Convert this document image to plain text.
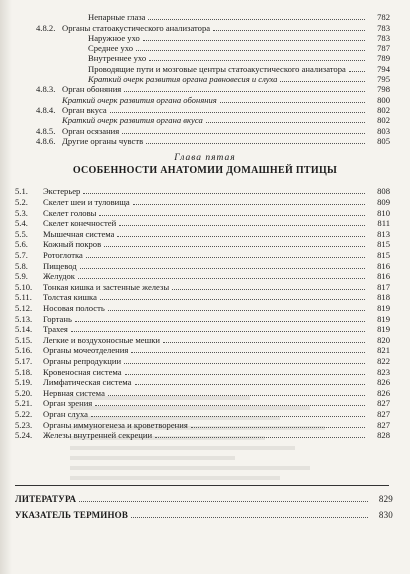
Непарные глаза	782
4.8.2. Органы статоакустического анализатора	783
Наружное ухо	783
Среднее ухо	787
Внутреннее ухо	789
Проводящие пути и мозговые центры статоакустического анализатора	794
Краткий очерк развития органа равновесия и слуха	795
4.8.3. Орган обоняния	798
Краткий очерк развития органа обоняния	800
4.8.4. Орган вкуса	802
Краткий очерк развития органа вкуса	802
4.8.5. Орган осязания	803
4.8.6. Другие органы чувств	805
Глава пятая
ОСОБЕННОСТИ АНАТОМИИ ДОМАШНЕЙ ПТИЦЫ
5.1.	Экстерьер	808
5.2.	Скелет шеи и туловища	809
5.3.	Скелет головы	810
5.4.	Скелет конечностей	811
5.5.	Мышечная система	813
5.6.	Кожный покров	815
5.7.	Ротоглотка	815
5.8.	Пищевод	816
5.9.	Желудок	816
5.10.	Тонкая кишка и застенные железы	817
5.11.	Толстая кишка	818
5.12.	Носовая полость	819
5.13.	Гортань	819
5.14.	Трахея	819
5.15.	Легкие и воздухоносные мешки	820
5.16.	Органы мочеотделения	821
5.17.	Органы репродукции	822
5.18.	Кровеносная система	823
5.19.	Лимфатическая система	826
5.20.	Нервная система	826
5.21.	Орган зрения	827
5.22.	Орган слуха	827
5.23.	Органы иммуногенеза и кроветворения	827
5.24.	Железы внутренней секреции	828
ЛИТЕРАТУРА	829
УКАЗАТЕЛЬ ТЕРМИНОВ	830
